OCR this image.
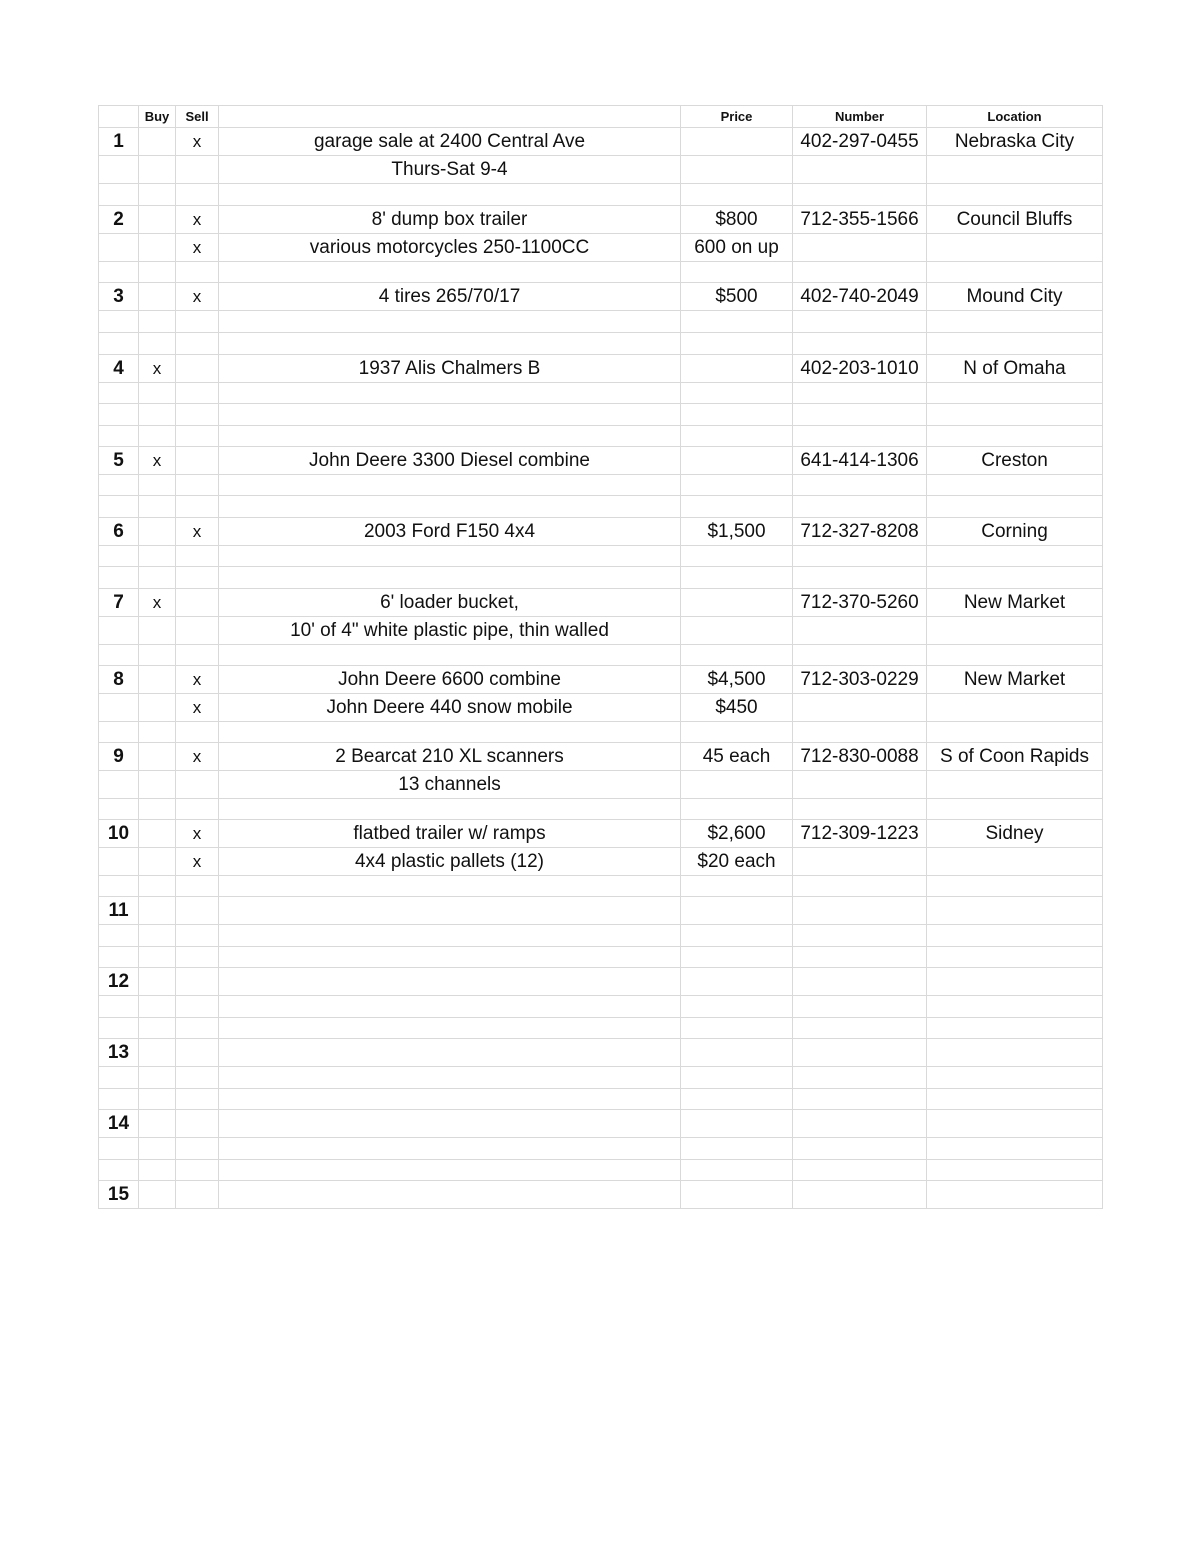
	Buy	Sell		Price	Number	Location
1		x	garage sale at 2400 Central Ave		402-297-0455	Nebraska City
			Thurs-Sat 9-4			

2		x	8' dump box trailer	$800	712-355-1566	Council Bluffs
		x	various motorcycles 250-1100CC	600 on up		

3		x	4 tires 265/70/17	$500	402-740-2049	Mound City

4	x		1937 Alis Chalmers B		402-203-1010	N of Omaha

5	x		John Deere 3300 Diesel combine		641-414-1306	Creston

6		x	2003 Ford F150 4x4	$1,500	712-327-8208	Corning

7	x		6' loader bucket,		712-370-5260	New Market
			10' of 4" white plastic pipe, thin walled			

8		x	John Deere 6600 combine	$4,500	712-303-0229	New Market
		x	John Deere 440 snow mobile	$450		

9		x	2 Bearcat 210 XL scanners	45 each	712-830-0088	S of Coon Rapids
			13 channels			

10		x	flatbed trailer w/ ramps	$2,600	712-309-1223	Sidney
		x	4x4 plastic pallets (12)	$20 each		

11						

12						

13						

14						

15						
